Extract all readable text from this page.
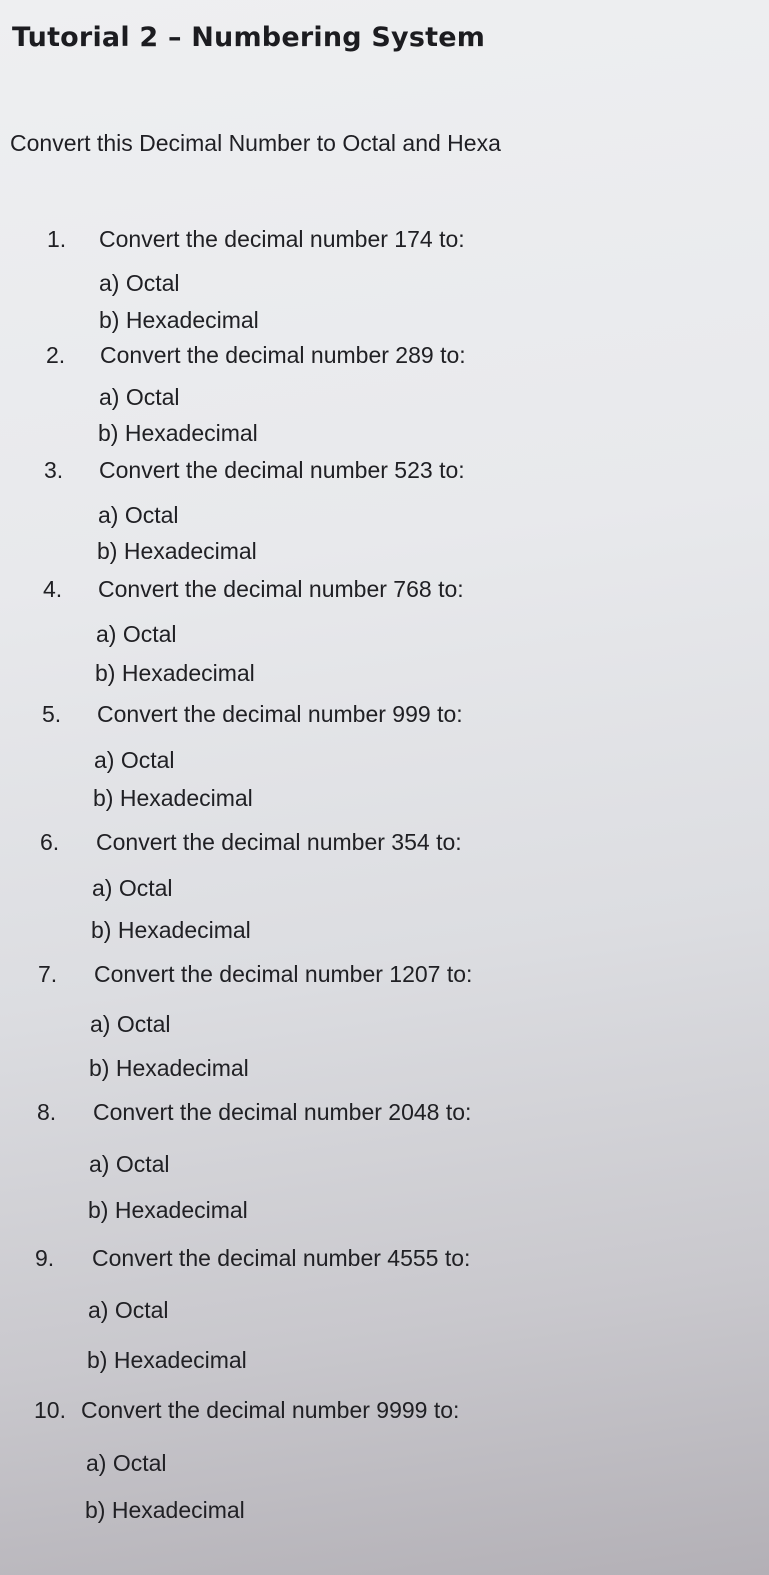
Tutorial 2 – Numbering System
Convert this Decimal Number to Octal and Hexa
1. Convert the decimal number 174 to:
a) Octal
b) Hexadecimal
2. Convert the decimal number 289 to:
a) Octal
b) Hexadecimal
3. Convert the decimal number 523 to:
a) Octal
b) Hexadecimal
4. Convert the decimal number 768 to:
a) Octal
b) Hexadecimal
5. Convert the decimal number 999 to:
a) Octal
b) Hexadecimal
6. Convert the decimal number 354 to:
a) Octal
b) Hexadecimal
7. Convert the decimal number 1207 to:
a) Octal
b) Hexadecimal
8. Convert the decimal number 2048 to:
a) Octal
b) Hexadecimal
9. Convert the decimal number 4555 to:
a) Octal
b) Hexadecimal
10. Convert the decimal number 9999 to:
a) Octal
b) Hexadecimal
